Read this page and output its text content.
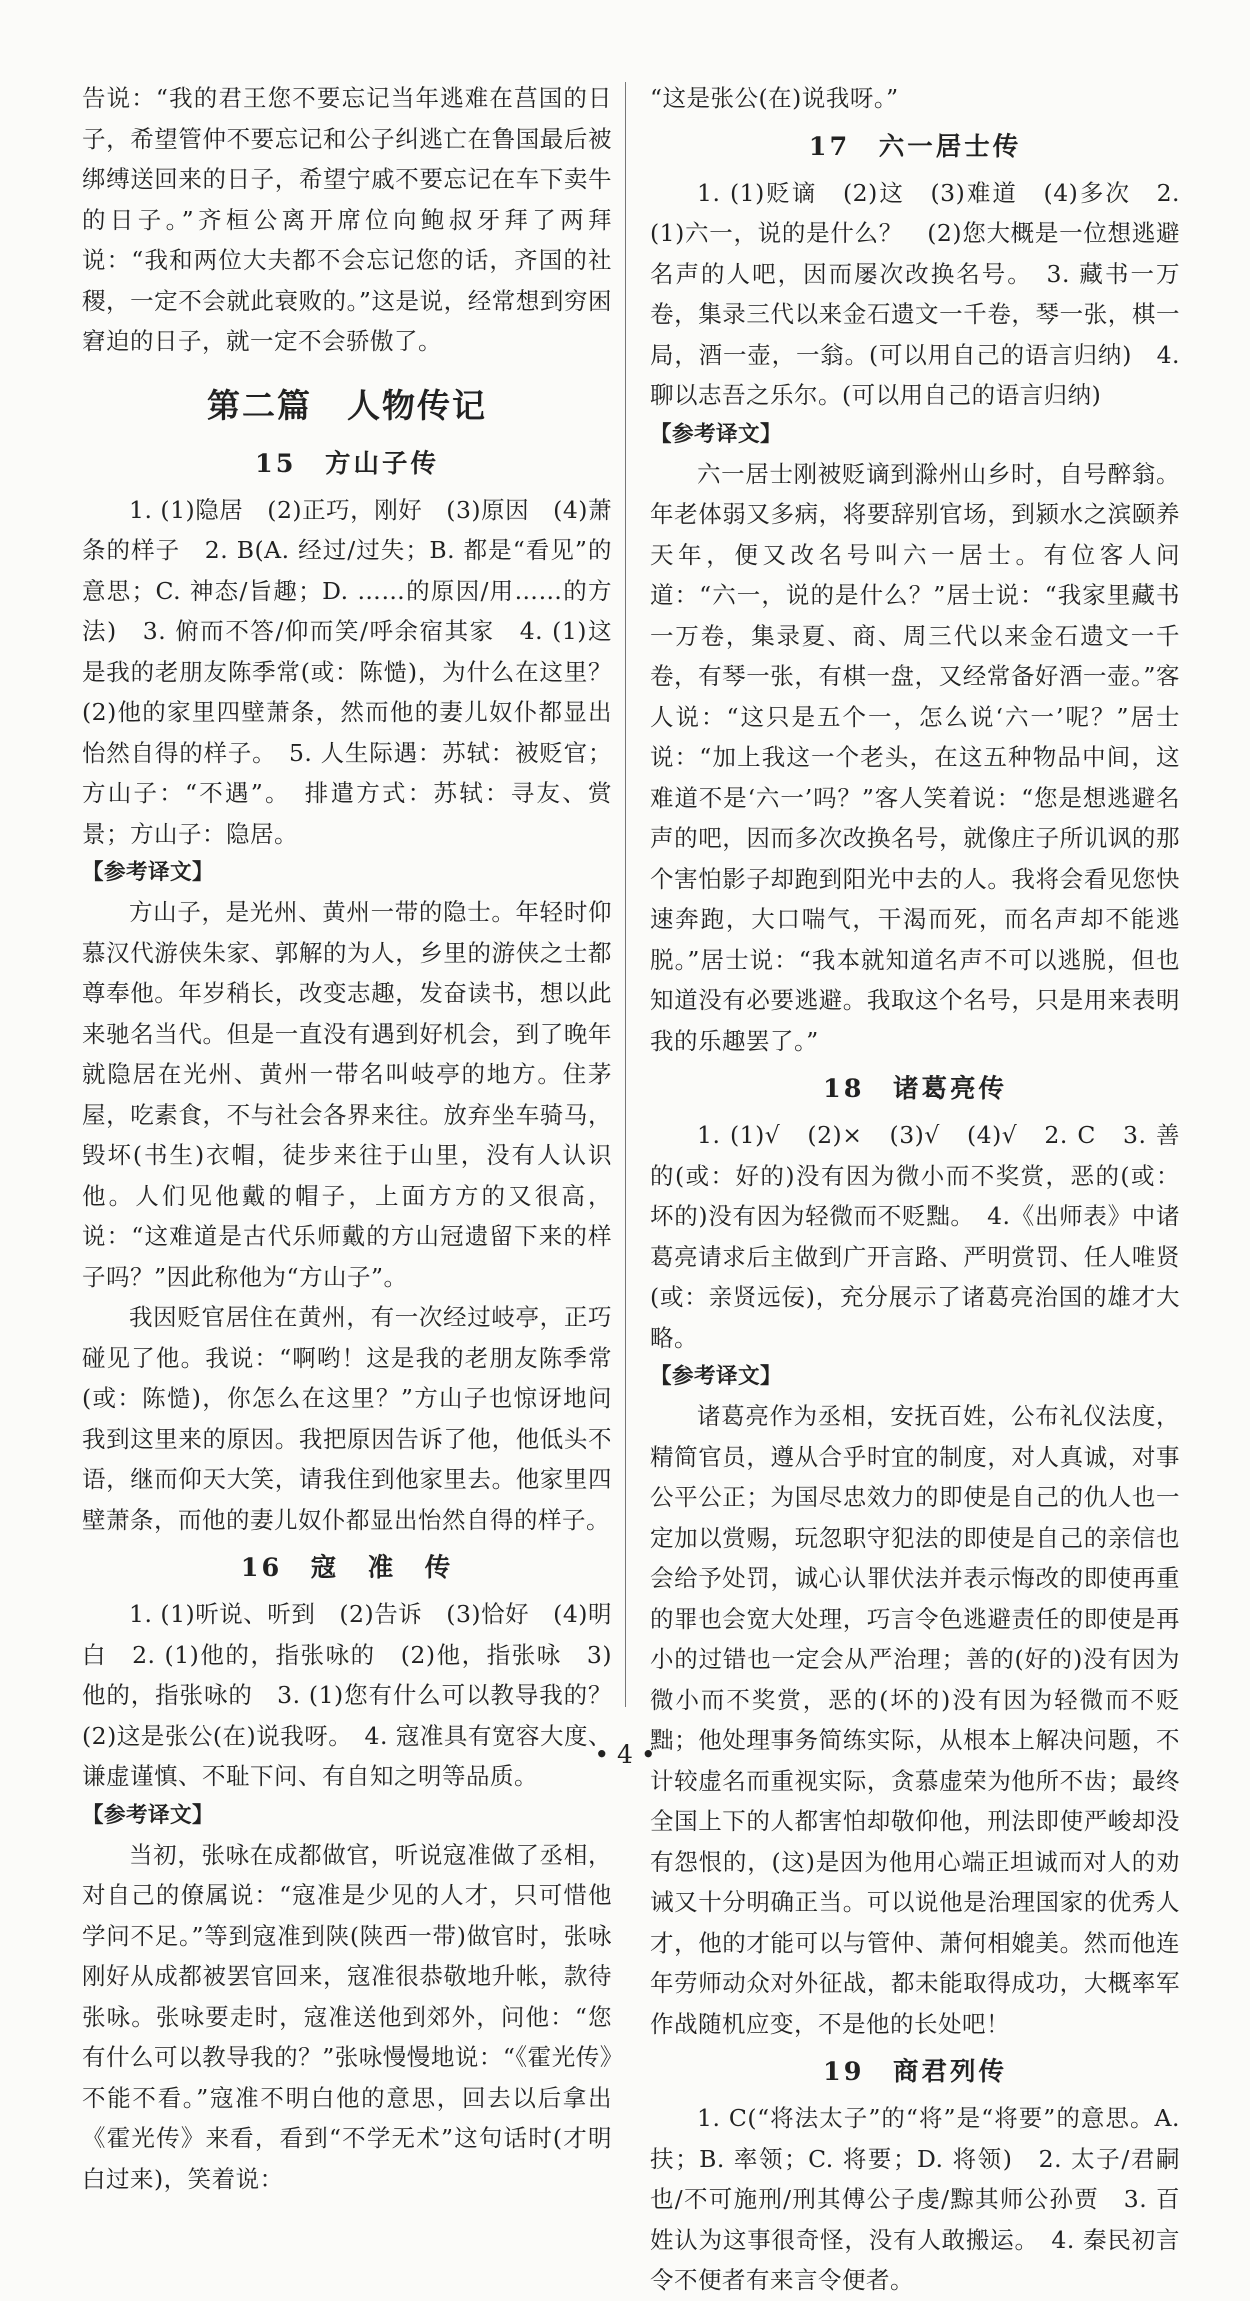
告说：“我的君王您不要忘记当年逃难在莒国的日子，希望管仲不要忘记和公子纠逃亡在鲁国最后被绑缚送回来的日子，希望宁戚不要忘记在车下卖牛的日子。”齐桓公离开席位向鲍叔牙拜了两拜说：“我和两位大夫都不会忘记您的话，齐国的社稷，一定不会就此衰败的。”这是说，经常想到穷困窘迫的日子，就一定不会骄傲了。

第二篇　人物传记
15　方山子传

1. (1)隐居　(2)正巧，刚好　(3)原因　(4)萧条的样子　2. B(A. 经过/过失；B. 都是“看见”的意思；C. 神态/旨趣；D. ……的原因/用……的方法)　3. 俯而不答/仰而笑/呼余宿其家　4. (1)这是我的老朋友陈季常(或：陈慥)，为什么在这里？　(2)他的家里四壁萧条，然而他的妻儿奴仆都显出怡然自得的样子。　5. 人生际遇：苏轼：被贬官；方山子：“不遇”。　排遣方式：苏轼：寻友、赏景；方山子：隐居。

【参考译文】

方山子，是光州、黄州一带的隐士。年轻时仰慕汉代游侠朱家、郭解的为人，乡里的游侠之士都尊奉他。年岁稍长，改变志趣，发奋读书，想以此来驰名当代。但是一直没有遇到好机会，到了晚年就隐居在光州、黄州一带名叫岐亭的地方。住茅屋，吃素食，不与社会各界来往。放弃坐车骑马，毁坏(书生)衣帽，徒步来往于山里，没有人认识他。人们见他戴的帽子，上面方方的又很高，说：“这难道是古代乐师戴的方山冠遗留下来的样子吗？”因此称他为“方山子”。

我因贬官居住在黄州，有一次经过岐亭，正巧碰见了他。我说：“啊哟！这是我的老朋友陈季常(或：陈慥)，你怎么在这里？”方山子也惊讶地问我到这里来的原因。我把原因告诉了他，他低头不语，继而仰天大笑，请我住到他家里去。他家里四壁萧条，而他的妻儿奴仆都显出怡然自得的样子。

16　寇　准　传

1. (1)听说、听到　(2)告诉　(3)恰好　(4)明白　2. (1)他的，指张咏的　(2)他，指张咏　3)他的，指张咏的　3. (1)您有什么可以教导我的？　(2)这是张公(在)说我呀。　4. 寇准具有宽容大度、谦虚谨慎、不耻下问、有自知之明等品质。

【参考译文】

当初，张咏在成都做官，听说寇准做了丞相，对自己的僚属说：“寇准是少见的人才，只可惜他学问不足。”等到寇准到陕(陕西一带)做官时，张咏刚好从成都被罢官回来，寇准很恭敬地升帐，款待张咏。张咏要走时，寇准送他到郊外，问他：“您有什么可以教导我的？”张咏慢慢地说：“《霍光传》不能不看。”寇准不明白他的意思，回去以后拿出《霍光传》来看，看到“不学无术”这句话时(才明白过来)，笑着说：

“这是张公(在)说我呀。”

17　六一居士传

1. (1)贬谪　(2)这　(3)难道　(4)多次　2. (1)六一，说的是什么？　(2)您大概是一位想逃避名声的人吧，因而屡次改换名号。　3. 藏书一万卷，集录三代以来金石遗文一千卷，琴一张，棋一局，酒一壶，一翁。(可以用自己的语言归纳)　4. 聊以志吾之乐尔。(可以用自己的语言归纳)

【参考译文】

六一居士刚被贬谪到滁州山乡时，自号醉翁。年老体弱又多病，将要辞别官场，到颍水之滨颐养天年，便又改名号叫六一居士。有位客人问道：“六一，说的是什么？”居士说：“我家里藏书一万卷，集录夏、商、周三代以来金石遗文一千卷，有琴一张，有棋一盘，又经常备好酒一壶。”客人说：“这只是五个一，怎么说‘六一’呢？”居士说：“加上我这一个老头，在这五种物品中间，这难道不是‘六一’吗？”客人笑着说：“您是想逃避名声的吧，因而多次改换名号，就像庄子所讥讽的那个害怕影子却跑到阳光中去的人。我将会看见您快速奔跑，大口喘气，干渴而死，而名声却不能逃脱。”居士说：“我本就知道名声不可以逃脱，但也知道没有必要逃避。我取这个名号，只是用来表明我的乐趣罢了。”

18　诸葛亮传

1. (1)√　(2)×　(3)√　(4)√　2. C　3. 善的(或：好的)没有因为微小而不奖赏，恶的(或：坏的)没有因为轻微而不贬黜。　4.《出师表》中诸葛亮请求后主做到广开言路、严明赏罚、任人唯贤(或：亲贤远佞)，充分展示了诸葛亮治国的雄才大略。

【参考译文】

诸葛亮作为丞相，安抚百姓，公布礼仪法度，精简官员，遵从合乎时宜的制度，对人真诚，对事公平公正；为国尽忠效力的即使是自己的仇人也一定加以赏赐，玩忽职守犯法的即使是自己的亲信也会给予处罚，诚心认罪伏法并表示悔改的即使再重的罪也会宽大处理，巧言令色逃避责任的即使是再小的过错也一定会从严治理；善的(好的)没有因为微小而不奖赏，恶的(坏的)没有因为轻微而不贬黜；他处理事务简练实际，从根本上解决问题，不计较虚名而重视实际，贪慕虚荣为他所不齿；最终全国上下的人都害怕却敬仰他，刑法即使严峻却没有怨恨的，(这)是因为他用心端正坦诚而对人的劝诫又十分明确正当。可以说他是治理国家的优秀人才，他的才能可以与管仲、萧何相媲美。然而他连年劳师动众对外征战，都未能取得成功，大概率军作战随机应变，不是他的长处吧！

19　商君列传

1. C(“将法太子”的“将”是“将要”的意思。A. 扶；B. 率领；C. 将要；D. 将领)　2. 太子/君嗣也/不可施刑/刑其傅公子虔/黥其师公孙贾　3. 百姓认为这事很奇怪，没有人敢搬运。　4. 秦民初言令不便者有来言令便者。

• 4 •
